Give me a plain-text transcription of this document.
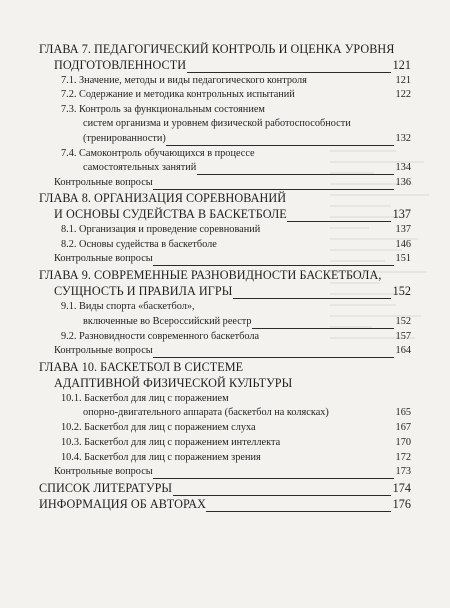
ГЛАВА 7. ПЕДАГОГИЧЕСКИЙ КОНТРОЛЬ И ОЦЕНКА УРОВНЯ
ПОДГОТОВЛЕННОСТИ	121
7.1. Значение, методы и виды педагогического контроля	121
7.2. Содержание и методика контрольных испытаний	122
7.3. Контроль за функциональным состоянием
систем организма и уровнем физической работоспособности
(тренированности)	132
7.4. Самоконтроль обучающихся в процессе
самостоятельных занятий	134
Контрольные вопросы	136
ГЛАВА 8. ОРГАНИЗАЦИЯ СОРЕВНОВАНИЙ
И ОСНОВЫ СУДЕЙСТВА В БАСКЕТБОЛЕ	137
8.1. Организация и проведение соревнований	137
8.2. Основы судейства в баскетболе	146
Контрольные вопросы	151
ГЛАВА 9. СОВРЕМЕННЫЕ РАЗНОВИДНОСТИ БАСКЕТБОЛА,
СУЩНОСТЬ И ПРАВИЛА ИГРЫ	152
9.1. Виды спорта «баскетбол»,
включенные во Всероссийский реестр	152
9.2. Разновидности современного баскетбола	157
Контрольные вопросы	164
ГЛАВА 10. БАСКЕТБОЛ В СИСТЕМЕ
АДАПТИВНОЙ ФИЗИЧЕСКОЙ КУЛЬТУРЫ
10.1. Баскетбол для лиц с поражением
опорно-двигательного аппарата (баскетбол на колясках)	165
10.2. Баскетбол для лиц с поражением слуха	167
10.3. Баскетбол для лиц с поражением интеллекта	170
10.4. Баскетбол для лиц с поражением зрения	172
Контрольные вопросы	173
СПИСОК ЛИТЕРАТУРЫ	174
ИНФОРМАЦИЯ ОБ АВТОРАХ	176
